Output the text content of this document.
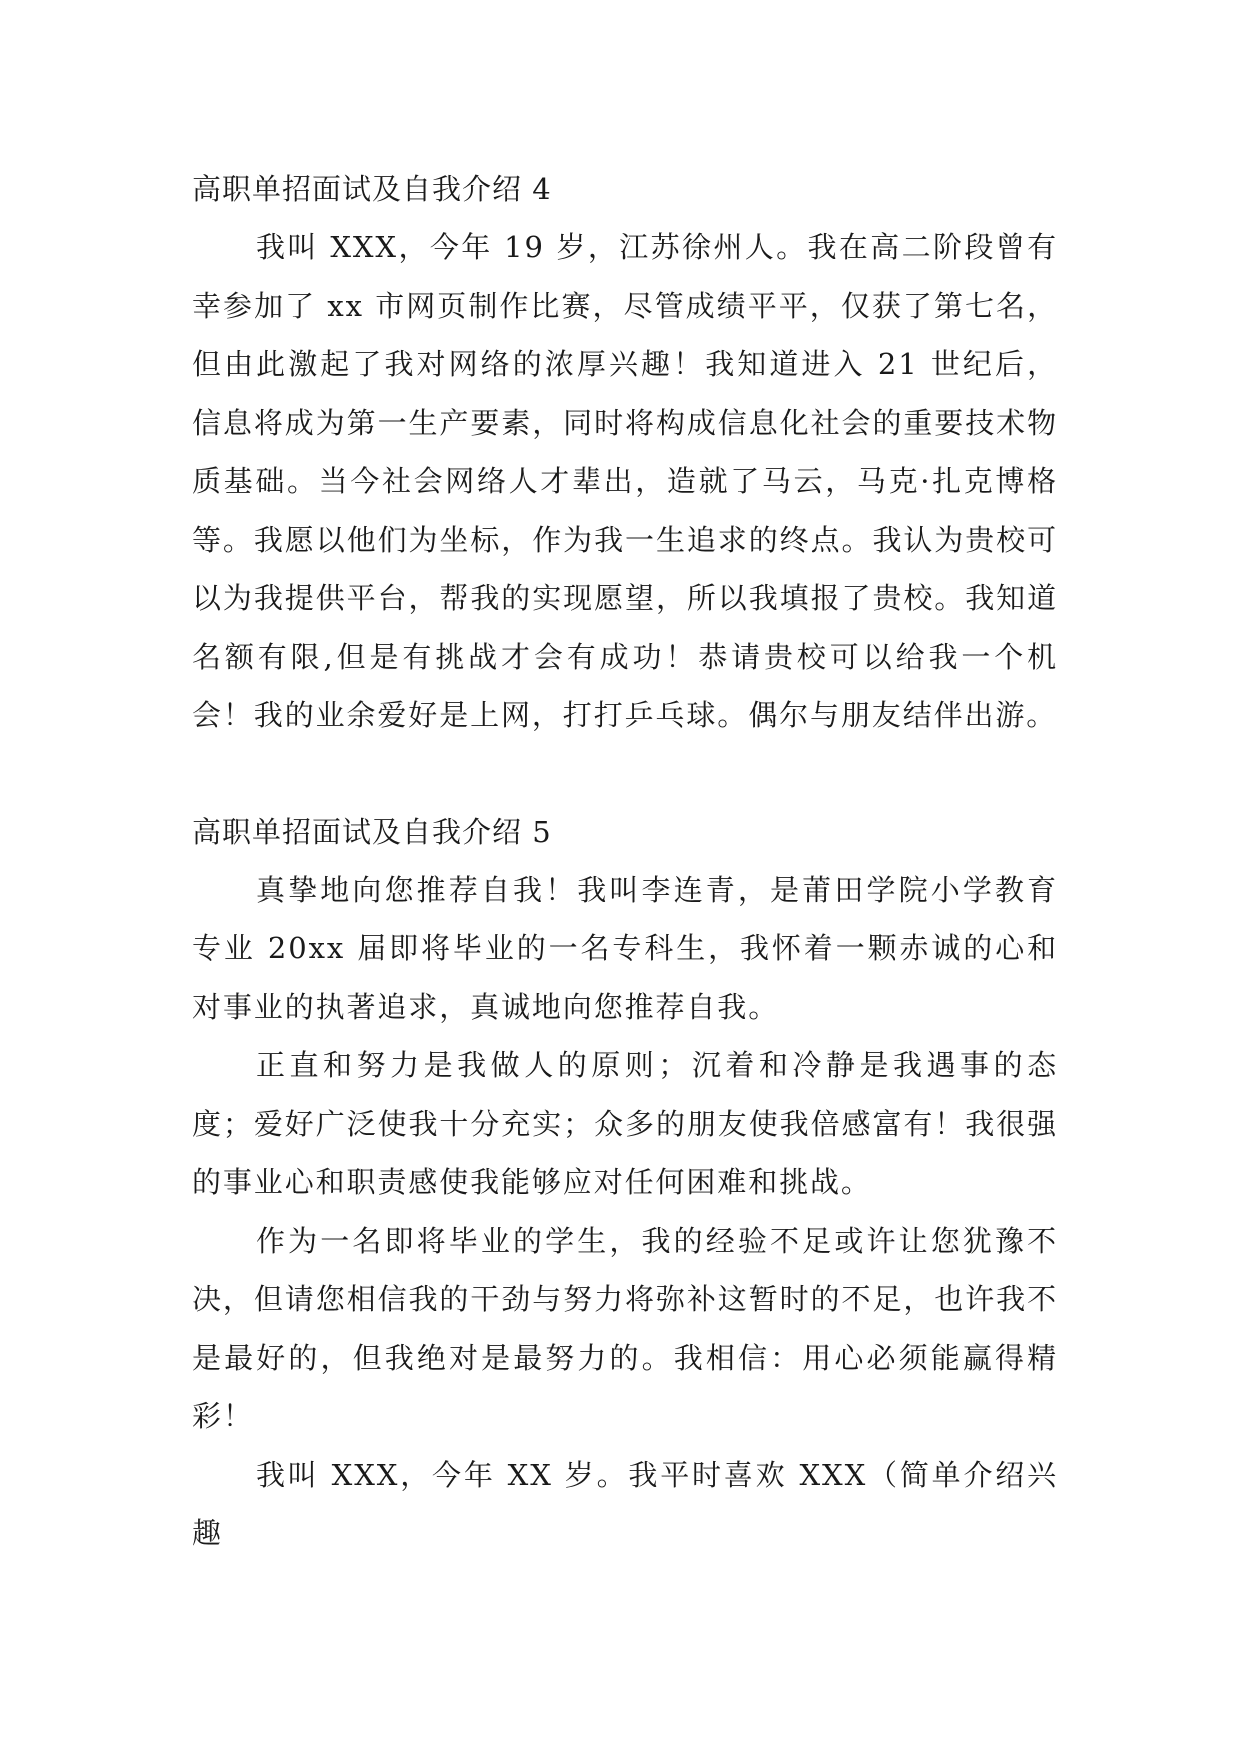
高职单招面试及自我介绍 4

我叫 XXX，今年 19 岁，江苏徐州人。我在高二阶段曾有幸参加了 xx 市网页制作比赛，尽管成绩平平，仅获了第七名，但由此激起了我对网络的浓厚兴趣！我知道进入 21 世纪后，信息将成为第一生产要素，同时将构成信息化社会的重要技术物质基础。当今社会网络人才辈出，造就了马云，马克·扎克博格等。我愿以他们为坐标，作为我一生追求的终点。我认为贵校可以为我提供平台，帮我的实现愿望，所以我填报了贵校。我知道名额有限,但是有挑战才会有成功！恭请贵校可以给我一个机会！我的业余爱好是上网，打打乒乓球。偶尔与朋友结伴出游。

高职单招面试及自我介绍 5

真挚地向您推荐自我！我叫李连青，是莆田学院小学教育专业 20xx 届即将毕业的一名专科生，我怀着一颗赤诚的心和对事业的执著追求，真诚地向您推荐自我。

正直和努力是我做人的原则；沉着和冷静是我遇事的态度；爱好广泛使我十分充实；众多的朋友使我倍感富有！我很强的事业心和职责感使我能够应对任何困难和挑战。

作为一名即将毕业的学生，我的经验不足或许让您犹豫不决，但请您相信我的干劲与努力将弥补这暂时的不足，也许我不是最好的，但我绝对是最努力的。我相信：用心必须能赢得精彩！

我叫 XXX，今年 XX 岁。我平时喜欢 XXX（简单介绍兴趣
